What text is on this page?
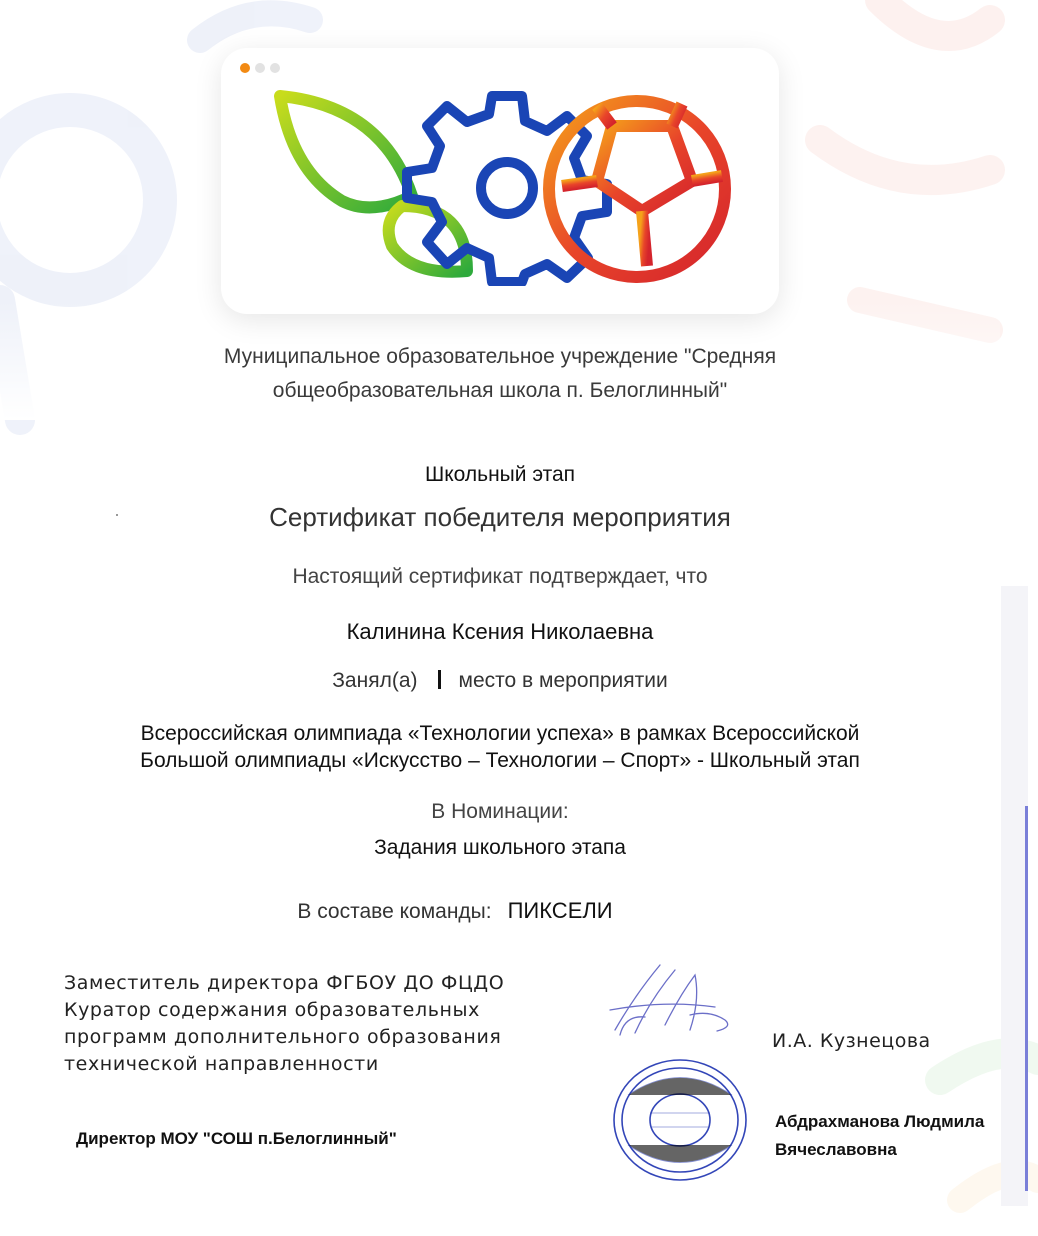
Муниципальное образовательное учреждение "Средняя
общеобразовательная школа п. Белоглинный"

Школьный этап

Сертификат победителя мероприятия

Настоящий сертификат подтверждает, что

Калинина Ксения Николаевна

Занял(а) место в мероприятии

Всероссийская олимпиада «Технологии успеха» в рамках Всероссийской
Большой олимпиады «Искусство – Технологии – Спорт» - Школьный этап

В Номинации:

Задания школьного этапа

В составе команды: ПИКСЕЛИ

Заместитель директора ФГБОУ ДО ФЦДО
Куратор содержания образовательных
программ дополнительного образования
технической направленности

И.А. Кузнецова

Директор МОУ "СОШ п.Белоглинный"

Абдрахманова Людмила
Вячеславовна
